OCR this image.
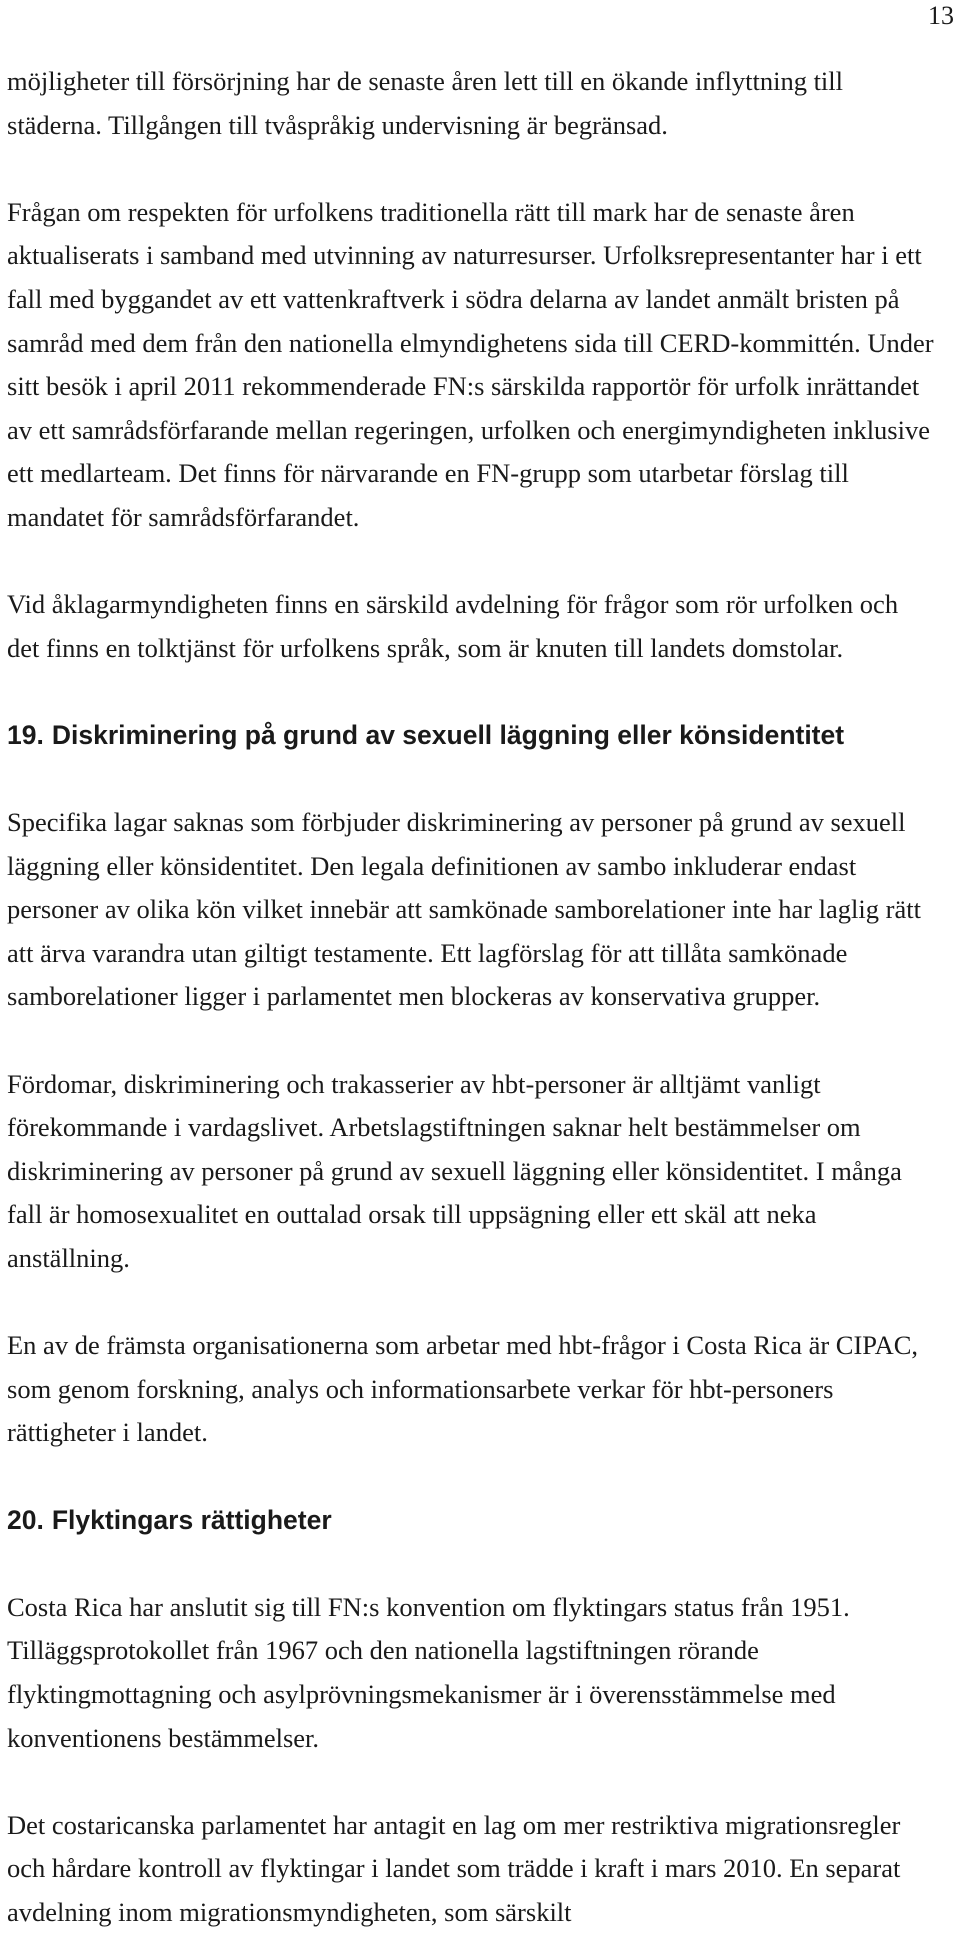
13

möjligheter till försörjning har de senaste åren lett till en ökande inflyttning till städerna. Tillgången till tvåspråkig undervisning är begränsad.

Frågan om respekten för urfolkens traditionella rätt till mark har de senaste åren aktualiserats i samband med utvinning av naturresurser. Urfolksrepresentanter har i ett fall med byggandet av ett vattenkraftverk i södra delarna av landet anmält bristen på samråd med dem från den nationella elmyndighetens sida till CERD-kommittén. Under sitt besök i april 2011 rekommenderade FN:s särskilda rapportör för urfolk inrättandet av ett samrådsförfarande mellan regeringen, urfolken och energimyndigheten inklusive ett medlarteam. Det finns för närvarande en FN-grupp som utarbetar förslag till mandatet för samrådsförfarandet.

Vid åklagarmyndigheten finns en särskild avdelning för frågor som rör urfolken och det finns en tolktjänst för urfolkens språk, som är knuten till landets domstolar.

19. Diskriminering på grund av sexuell läggning eller könsidentitet

Specifika lagar saknas som förbjuder diskriminering av personer på grund av sexuell läggning eller könsidentitet. Den legala definitionen av sambo inkluderar endast personer av olika kön vilket innebär att samkönade samborelationer inte har laglig rätt att ärva varandra utan giltigt testamente. Ett lagförslag för att tillåta samkönade samborelationer ligger i parlamentet men blockeras av konservativa grupper.

Fördomar, diskriminering och trakasserier av hbt-personer är alltjämt vanligt förekommande i vardagslivet. Arbetslagstiftningen saknar helt bestämmelser om diskriminering av personer på grund av sexuell läggning eller könsidentitet. I många fall är homosexualitet en outtalad orsak till uppsägning eller ett skäl att neka anställning.

En av de främsta organisationerna som arbetar med hbt-frågor i Costa Rica är CIPAC, som genom forskning, analys och informationsarbete verkar för hbt-personers rättigheter i landet.

20. Flyktingars rättigheter

Costa Rica har anslutit sig till FN:s konvention om flyktingars status från 1951. Tilläggsprotokollet från 1967 och den nationella lagstiftningen rörande flyktingmottagning och asylprövningsmekanismer är i överensstämmelse med konventionens bestämmelser.

Det costaricanska parlamentet har antagit en lag om mer restriktiva migrationsregler och hårdare kontroll av flyktingar i landet som trädde i kraft i mars 2010. En separat avdelning inom migrationsmyndigheten, som särskilt
